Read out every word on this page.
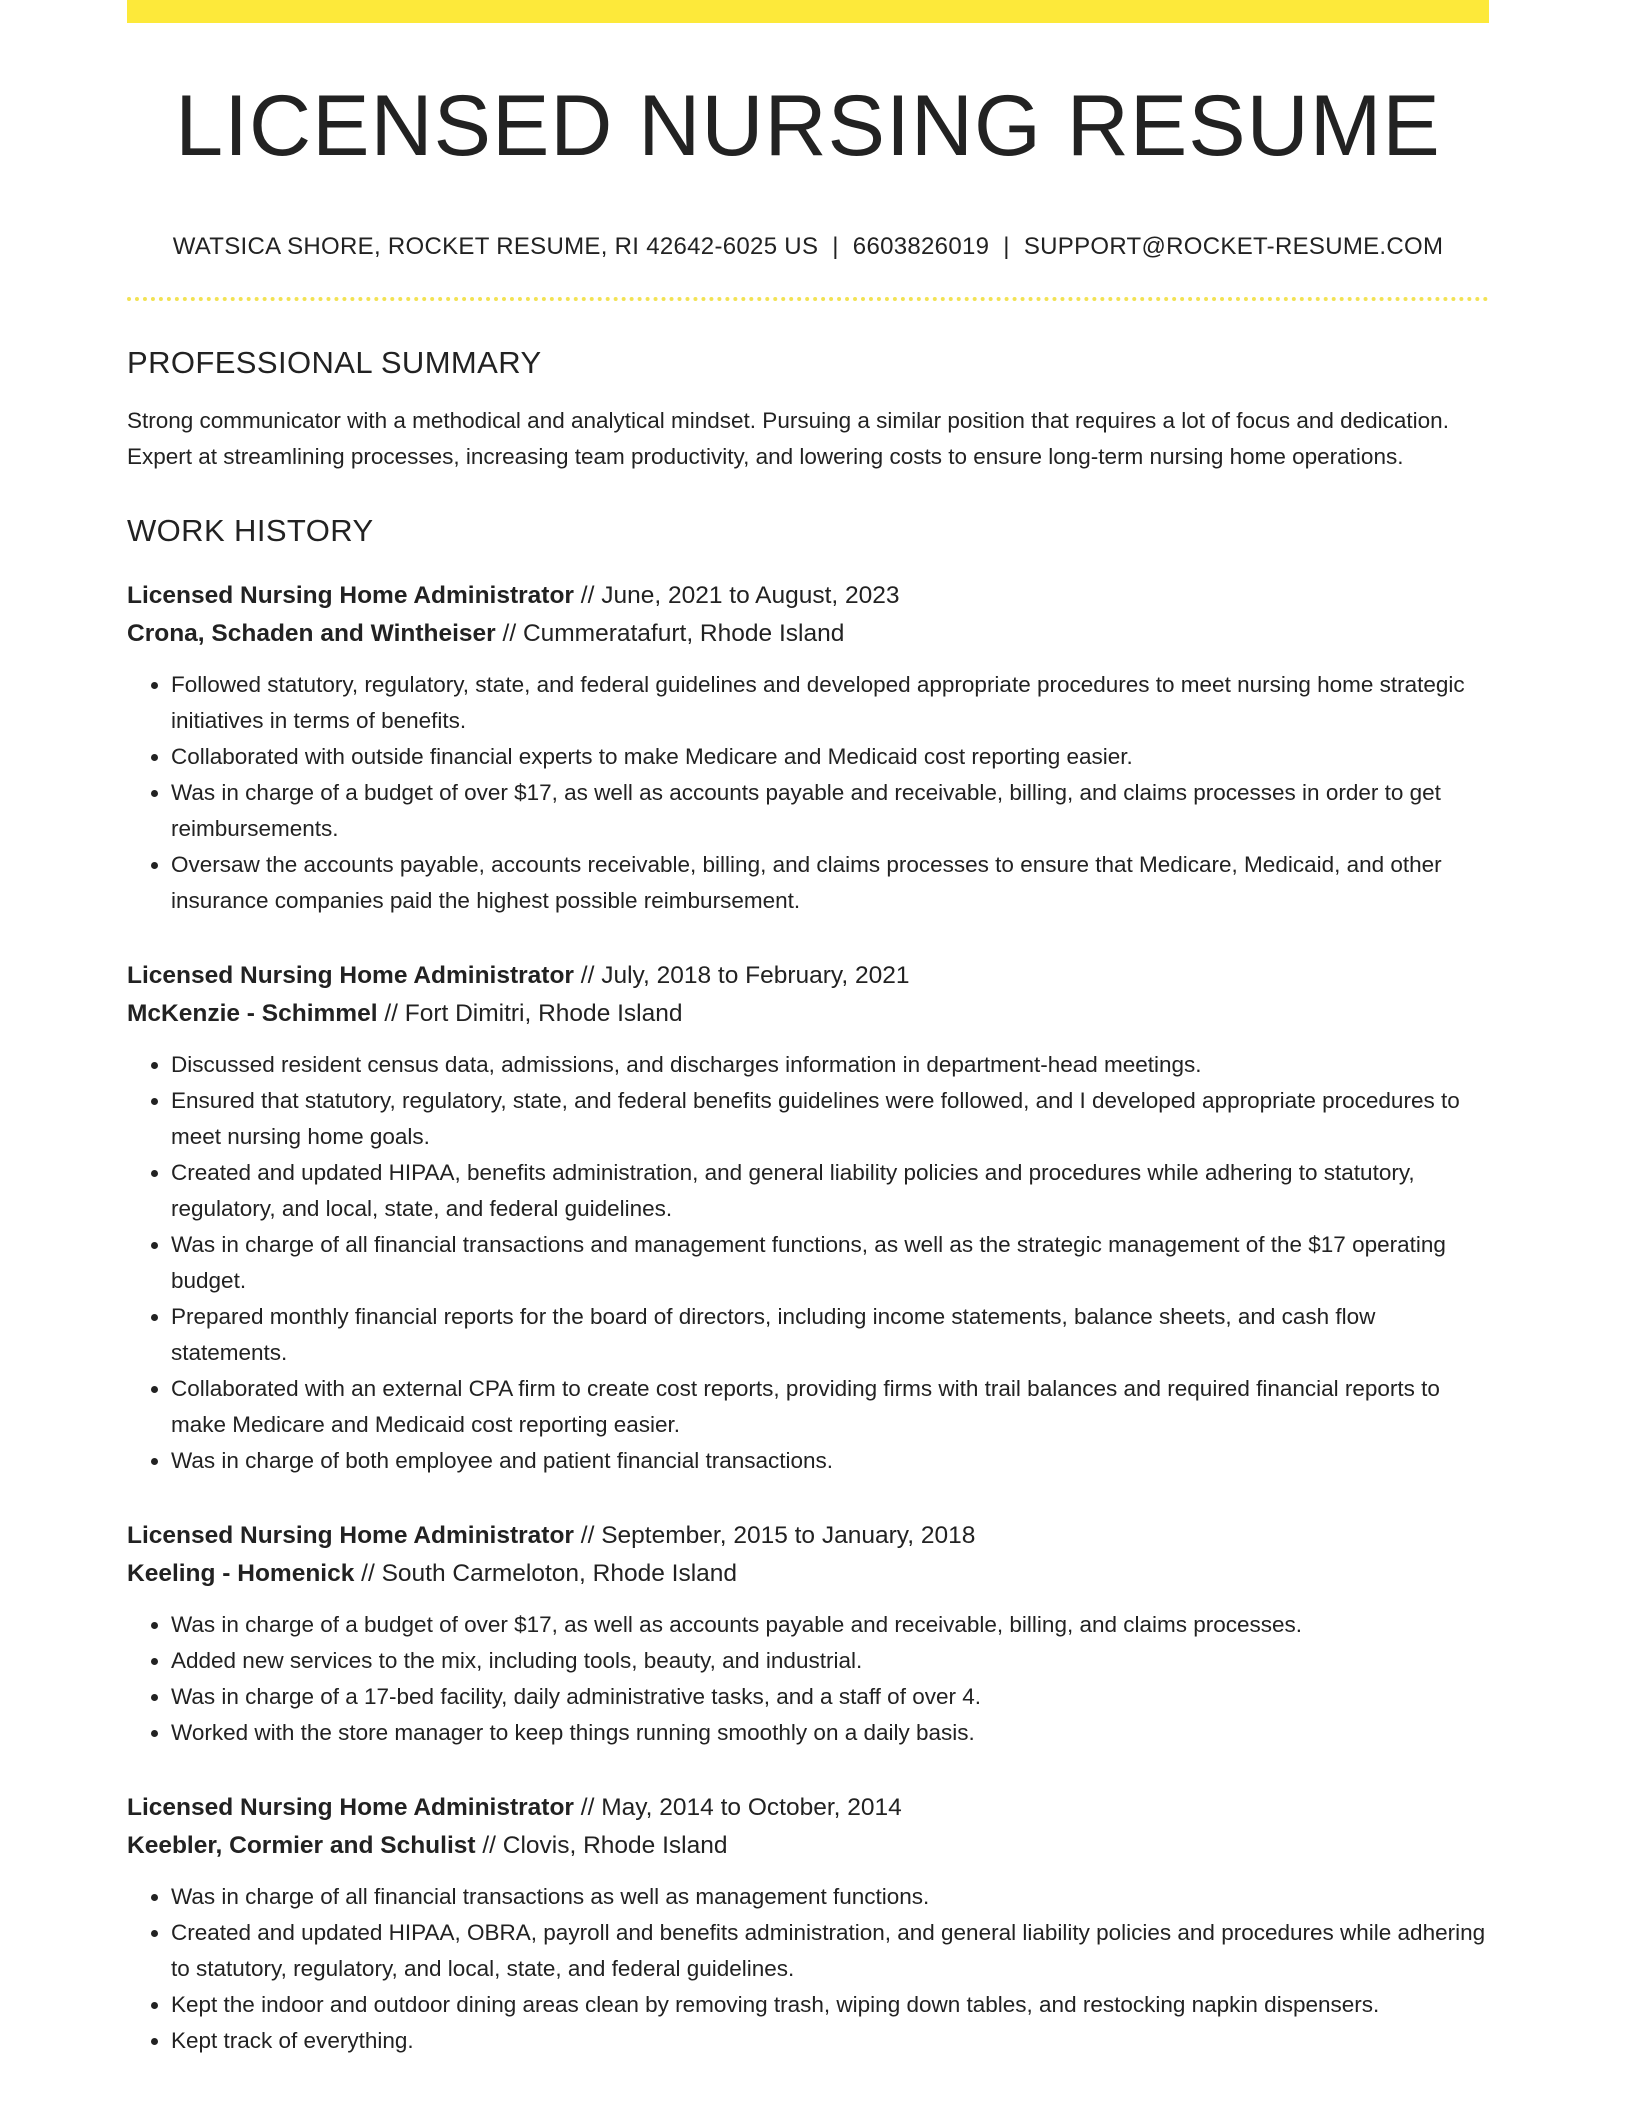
LICENSED NURSING RESUME
WATSICA SHORE, ROCKET RESUME, RI 42642-6025 US | 6603826019 | SUPPORT@ROCKET-RESUME.COM
PROFESSIONAL SUMMARY
Strong communicator with a methodical and analytical mindset. Pursuing a similar position that requires a lot of focus and dedication. Expert at streamlining processes, increasing team productivity, and lowering costs to ensure long-term nursing home operations.
WORK HISTORY
Licensed Nursing Home Administrator // June, 2021 to August, 2023
Crona, Schaden and Wintheiser // Cummeratafurt, Rhode Island
• Followed statutory, regulatory, state, and federal guidelines and developed appropriate procedures to meet nursing home strategic initiatives in terms of benefits.
• Collaborated with outside financial experts to make Medicare and Medicaid cost reporting easier.
• Was in charge of a budget of over $17, as well as accounts payable and receivable, billing, and claims processes in order to get reimbursements.
• Oversaw the accounts payable, accounts receivable, billing, and claims processes to ensure that Medicare, Medicaid, and other insurance companies paid the highest possible reimbursement.
Licensed Nursing Home Administrator // July, 2018 to February, 2021
McKenzie - Schimmel // Fort Dimitri, Rhode Island
• Discussed resident census data, admissions, and discharges information in department-head meetings.
• Ensured that statutory, regulatory, state, and federal benefits guidelines were followed, and I developed appropriate procedures to meet nursing home goals.
• Created and updated HIPAA, benefits administration, and general liability policies and procedures while adhering to statutory, regulatory, and local, state, and federal guidelines.
• Was in charge of all financial transactions and management functions, as well as the strategic management of the $17 operating budget.
• Prepared monthly financial reports for the board of directors, including income statements, balance sheets, and cash flow statements.
• Collaborated with an external CPA firm to create cost reports, providing firms with trail balances and required financial reports to make Medicare and Medicaid cost reporting easier.
• Was in charge of both employee and patient financial transactions.
Licensed Nursing Home Administrator // September, 2015 to January, 2018
Keeling - Homenick // South Carmeloton, Rhode Island
• Was in charge of a budget of over $17, as well as accounts payable and receivable, billing, and claims processes.
• Added new services to the mix, including tools, beauty, and industrial.
• Was in charge of a 17-bed facility, daily administrative tasks, and a staff of over 4.
• Worked with the store manager to keep things running smoothly on a daily basis.
Licensed Nursing Home Administrator // May, 2014 to October, 2014
Keebler, Cormier and Schulist // Clovis, Rhode Island
• Was in charge of all financial transactions as well as management functions.
• Created and updated HIPAA, OBRA, payroll and benefits administration, and general liability policies and procedures while adhering to statutory, regulatory, and local, state, and federal guidelines.
• Kept the indoor and outdoor dining areas clean by removing trash, wiping down tables, and restocking napkin dispensers.
• Kept track of everything.
